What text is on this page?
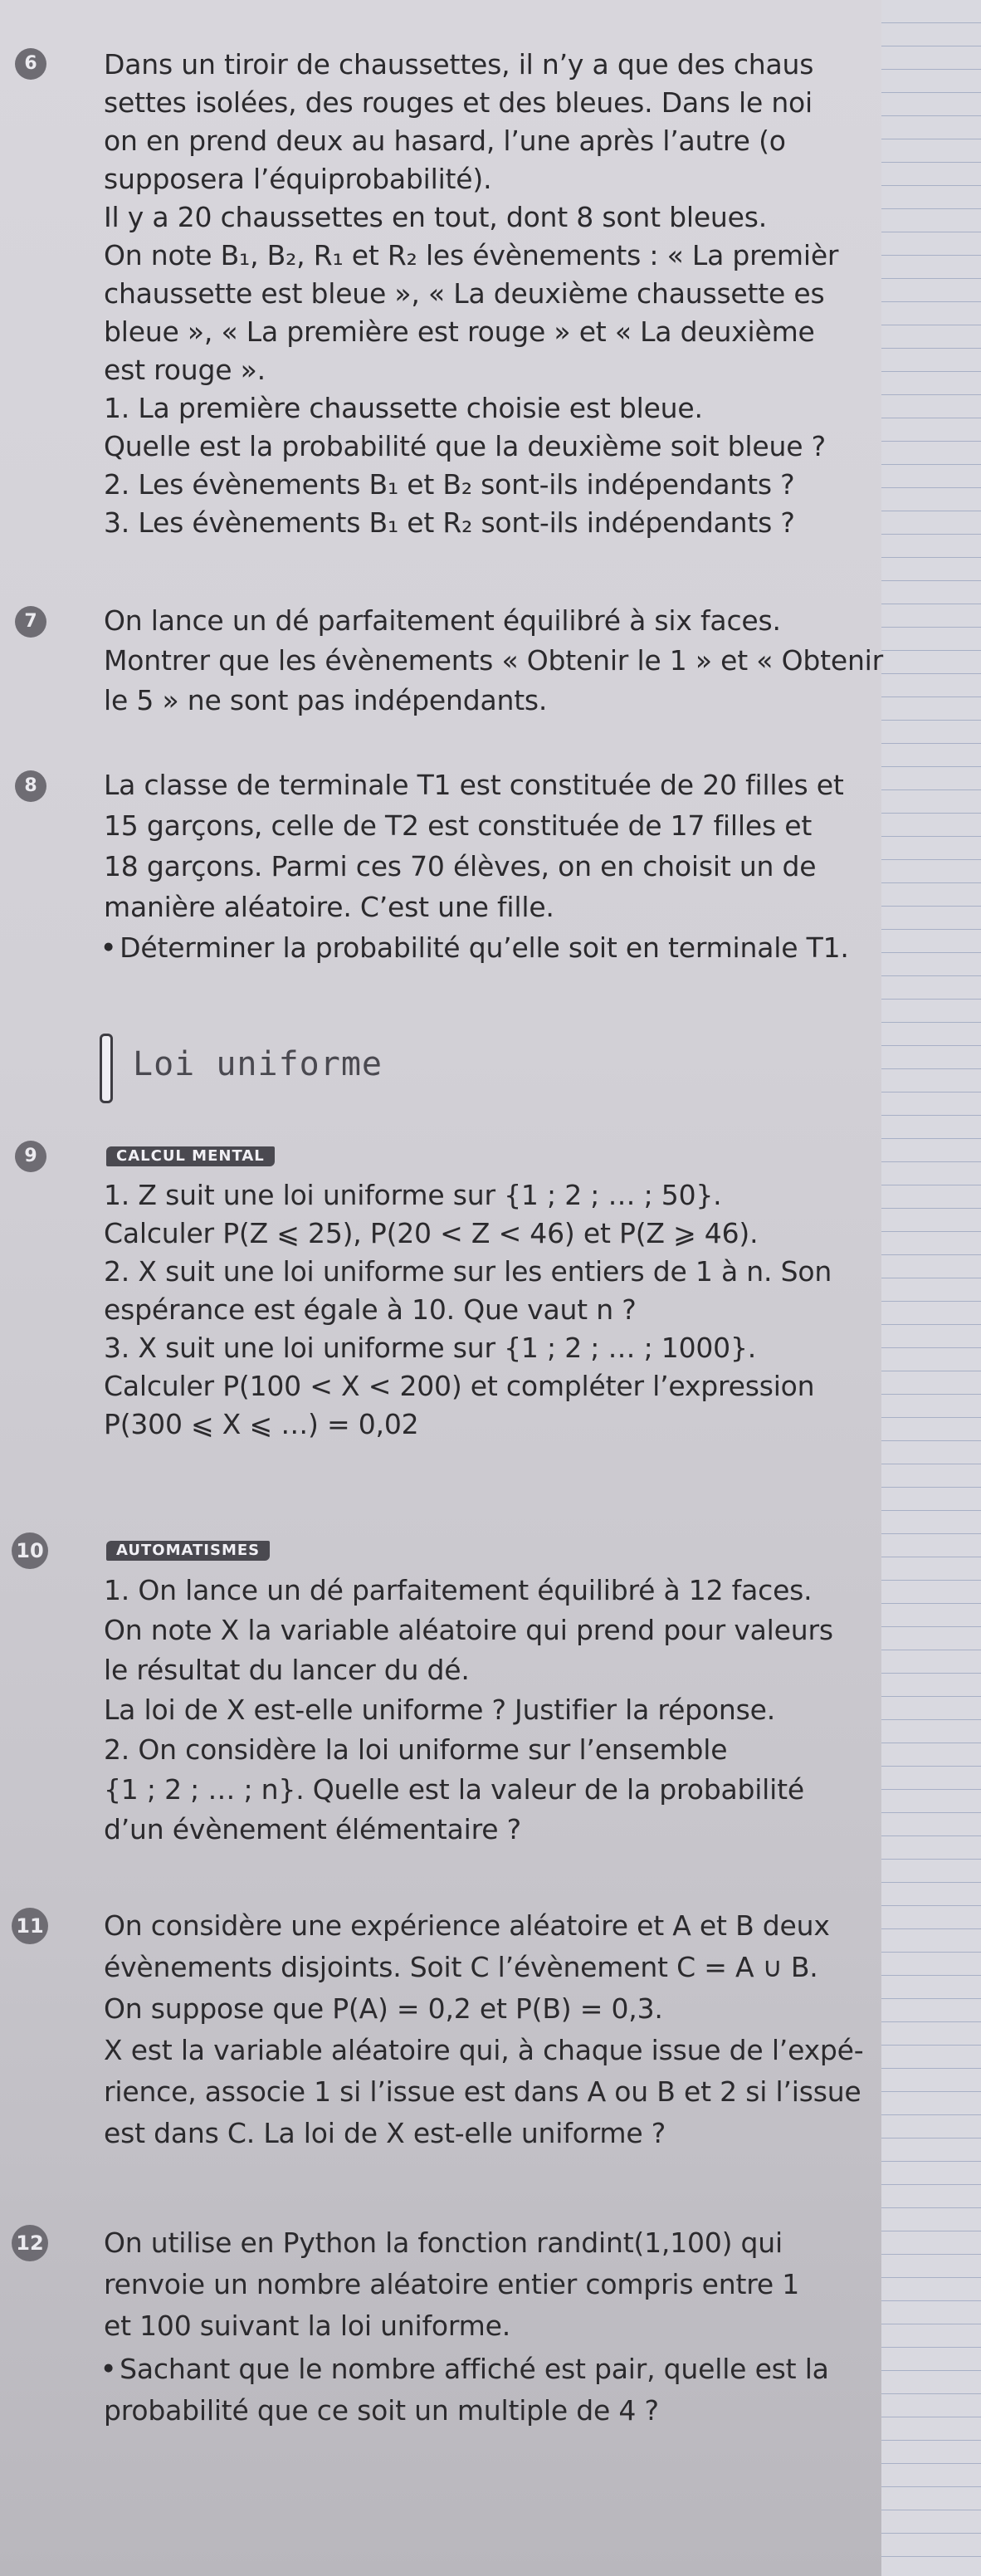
6	Dans un tiroir de chaussettes, il n’y a que des chaus
settes isolées, des rouges et des bleues. Dans le noi
on en prend deux au hasard, l’une après l’autre (o
supposera l’équiprobabilité).
Il y a 20 chaussettes en tout, dont 8 sont bleues.
On note B₁, B₂, R₁ et R₂ les évènements : « La premièr
chaussette est bleue », « La deuxième chaussette es
bleue », « La première est rouge » et « La deuxième
est rouge ».
1. La première chaussette choisie est bleue.
Quelle est la probabilité que la deuxième soit bleue ?
2. Les évènements B₁ et B₂ sont-ils indépendants ?
3. Les évènements B₁ et R₂ sont-ils indépendants ?
7	On lance un dé parfaitement équilibré à six faces.
Montrer que les évènements « Obtenir le 1 » et « Obtenir
le 5 » ne sont pas indépendants.
8	La classe de terminale T1 est constituée de 20 filles et
15 garçons, celle de T2 est constituée de 17 filles et
18 garçons. Parmi ces 70 élèves, on en choisit un de
manière aléatoire. C’est une fille.
● Déterminer la probabilité qu’elle soit en terminale T1.
Loi uniforme
9	CALCUL MENTAL
1. Z suit une loi uniforme sur {1 ; 2 ; … ; 50}.
Calculer P(Z ⩽ 25), P(20 < Z < 46) et P(Z ⩾ 46).
2. X suit une loi uniforme sur les entiers de 1 à n. Son
espérance est égale à 10. Que vaut n ?
3. X suit une loi uniforme sur {1 ; 2 ; … ; 1000}.
Calculer P(100 < X < 200) et compléter l’expression
P(300 ⩽ X ⩽ …) = 0,02
10	AUTOMATISMES
1. On lance un dé parfaitement équilibré à 12 faces.
On note X la variable aléatoire qui prend pour valeurs
le résultat du lancer du dé.
La loi de X est-elle uniforme ? Justifier la réponse.
2. On considère la loi uniforme sur l’ensemble
{1 ; 2 ; … ; n}. Quelle est la valeur de la probabilité
d’un évènement élémentaire ?
11 On considère une expérience aléatoire et A et B deux
évènements disjoints. Soit C l’évènement C = A ∪ B.
On suppose que P(A) = 0,2 et P(B) = 0,3.
X est la variable aléatoire qui, à chaque issue de l’expé-
rience, associe 1 si l’issue est dans A ou B et 2 si l’issue
est dans C. La loi de X est-elle uniforme ?
12 On utilise en Python la fonction randint(1,100) qui
renvoie un nombre aléatoire entier compris entre 1
et 100 suivant la loi uniforme.
● Sachant que le nombre affiché est pair, quelle est la
probabilité que ce soit un multiple de 4 ?
